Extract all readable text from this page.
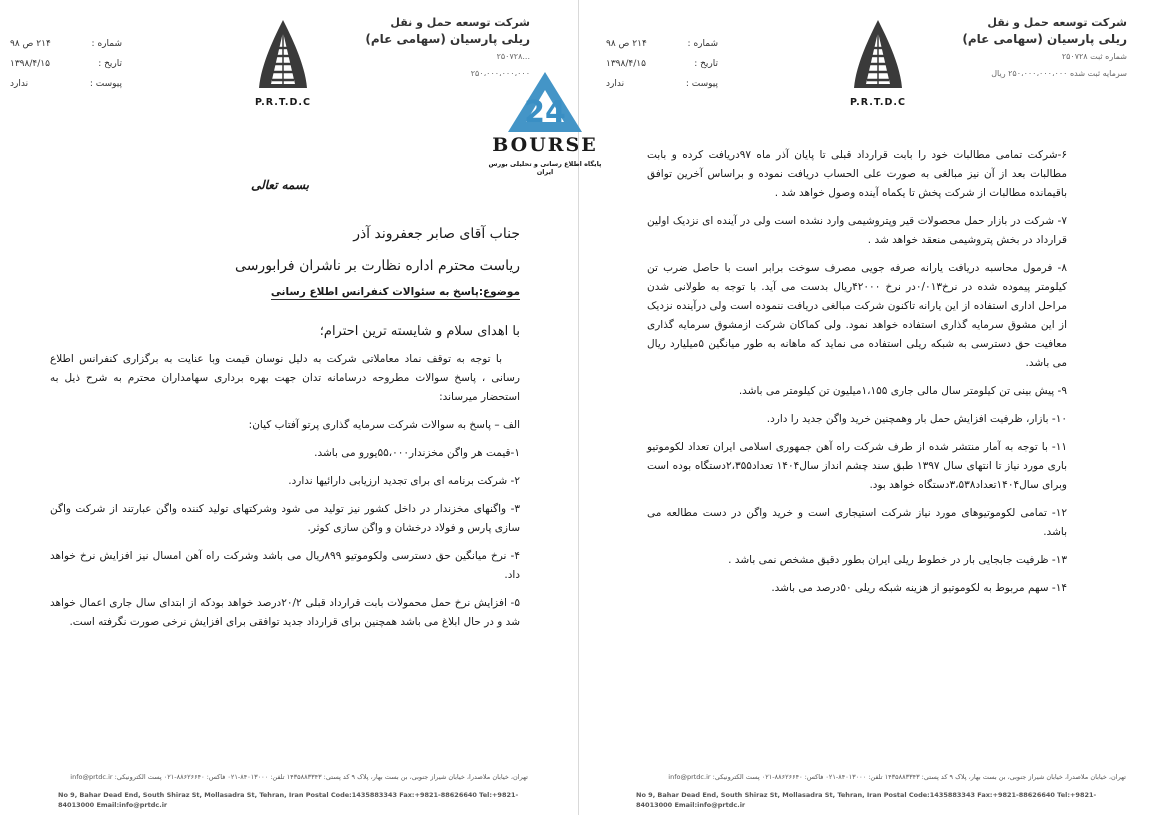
شرکت توسعه حمل و نقل
ریلی پارسیان (سهامی عام)
...۲۵۰۷۲۸
۲۵۰،۰۰۰،۰۰۰،۰۰۰
P.R.T.D.C
۲۱۴ ص ۹۸	شماره :
۱۳۹۸/۴/۱۵	تاریخ :
ندارد	پیوست :
بسمه تعالی
جناب آقای صابر جعفروند آذر
ریاست محترم اداره نظارت بر ناشران فرابورسی
موضوع:پاسخ به سئوالات کنفرانس اطلاع رسانی
با اهدای سلام و شایسته ترین احترام؛

با توجه به توقف نماد معاملاتی شرکت به دلیل نوسان قیمت وبا عنایت به برگزاری کنفرانس اطلاع رسانی ، پاسخ سوالات مطروحه درسامانه تدان جهت بهره برداری سهامداران محترم به شرح ذیل به استحضار میرساند:

الف – پاسخ به سوالات شرکت سرمایه گذاری پرتو آفتاب کیان:

۱-قیمت هر واگن مخزندار۵۵،۰۰۰یورو می باشد.

۲- شرکت برنامه ای برای تجدید ارزیابی دارائیها ندارد.

۳- واگنهای مخزندار در داخل کشور نیز تولید می شود وشرکتهای تولید کننده واگن عبارتند از شرکت واگن سازی پارس و فولاد درخشان و واگن سازی کوثر.

۴- نرخ میانگین حق دسترسی ولکوموتیو ۸۹۹ریال می باشد وشرکت راه آهن امسال نیز افزایش نرخ خواهد داد.

۵- افزایش نرخ حمل محمولات بابت قرارداد قبلی ۲۰/۲درصد خواهد بودکه از ابتدای سال جاری اعمال خواهد شد و در حال ابلاغ می باشد همچنین برای قرارداد جدید توافقی برای افزایش نرخی صورت نگرفته است.

تهران، خیابان ملاصدرا، خیابان شیراز جنوبی، بن بست بهار، پلاک ۹ کد پستی: ۱۴۳۵۸۸۳۳۴۳ تلفن: ۸۴۰۱۳۰۰۰-۰۲۱ فاکس: ۸۸۶۲۶۶۴۰-۰۲۱ پست الکترونیکی: info@prtdc.ir
No 9, Bahar Dead End, South Shiraz St, Mollasadra St, Tehran, Iran Postal Code:1435883343 Fax:+9821-88626640 Tel:+9821-84013000 Email:info@prtdc.ir
شرکت توسعه حمل و نقل
ریلی پارسیان (سهامی عام)
شماره ثبت ۲۵۰۷۲۸
سرمایه ثبت شده ۲۵۰،۰۰۰،۰۰۰،۰۰۰ ریال
P.R.T.D.C
۲۱۴ ص ۹۸	شماره :
۱۳۹۸/۴/۱۵	تاریخ :
ندارد	پیوست :

۶-شرکت تمامی مطالبات خود را بابت قرارداد قبلی تا پایان آذر ماه ۹۷دریافت کرده و بابت مطالبات بعد از آن نیز مبالغی به صورت علی الحساب دریافت نموده و براساس آخرین توافق باقیمانده مطالبات از شرکت پخش تا یکماه آینده وصول خواهد شد .

۷- شرکت در بازار حمل محصولات قیر وپتروشیمی وارد نشده است ولی در آینده ای نزدیک اولین قرارداد در بخش پتروشیمی منعقد خواهد شد .

۸- فرمول محاسبه دریافت یارانه صرفه جویی مصرف سوخت برابر است با حاصل ضرب تن کیلومتر پیموده شده در نرخ۰/۰۱۳در نرخ ۴۲۰۰۰ریال بدست می آید. با توجه به طولانی شدن مراحل اداری استفاده از این یارانه تاکنون شرکت مبالغی دریافت ننموده است ولی درآینده نزدیک از این مشوق سرمایه گذاری استفاده خواهد نمود. ولی کماکان شرکت ازمشوق سرمایه گذاری معافیت حق دسترسی به شبکه ریلی استفاده می نماید که ماهانه به طور میانگین ۵میلیارد ریال می باشد.

۹- پیش بینی تن کیلومتر سال مالی جاری ۱،۱۵۵میلیون تن کیلومتر می باشد.

۱۰- بازار، ظرفیت افزایش حمل بار وهمچنین خرید واگن جدید را دارد.

۱۱- با توجه به آمار منتشر شده از طرف شرکت راه آهن جمهوری اسلامی ایران تعداد لکوموتیو باری مورد نیاز تا انتهای سال ۱۳۹۷ طبق سند چشم انداز سال۱۴۰۴ تعداد۲،۳۵۵دستگاه بوده است وبرای سال۱۴۰۴تعداد۳،۵۳۸دستگاه خواهد بود.

۱۲- تمامی لکوموتیوهای مورد نیاز شرکت استیجاری است و خرید واگن در دست مطالعه می باشد.

۱۳- ظرفیت جابجایی بار در خطوط ریلی ایران بطور دقیق مشخص نمی باشد .

۱۴- سهم مربوط به لکوموتیو از هزینه شبکه ریلی ۵۰درصد می باشد.

تهران، خیابان ملاصدرا، خیابان شیراز جنوبی، بن بست بهار، پلاک ۹ کد پستی: ۱۴۳۵۸۸۳۳۴۳ تلفن: ۸۴۰۱۳۰۰۰-۰۲۱ فاکس: ۸۸۶۲۶۶۴۰-۰۲۱ پست الکترونیکی: info@prtdc.ir
No 9, Bahar Dead End, South Shiraz St, Mollasadra St, Tehran, Iran Postal Code:1435883343 Fax:+9821-88626640 Tel:+9821-84013000 Email:info@prtdc.ir
24
BOURSE
پایگاه اطلاع رسانی و تحلیلی بورس ایران
